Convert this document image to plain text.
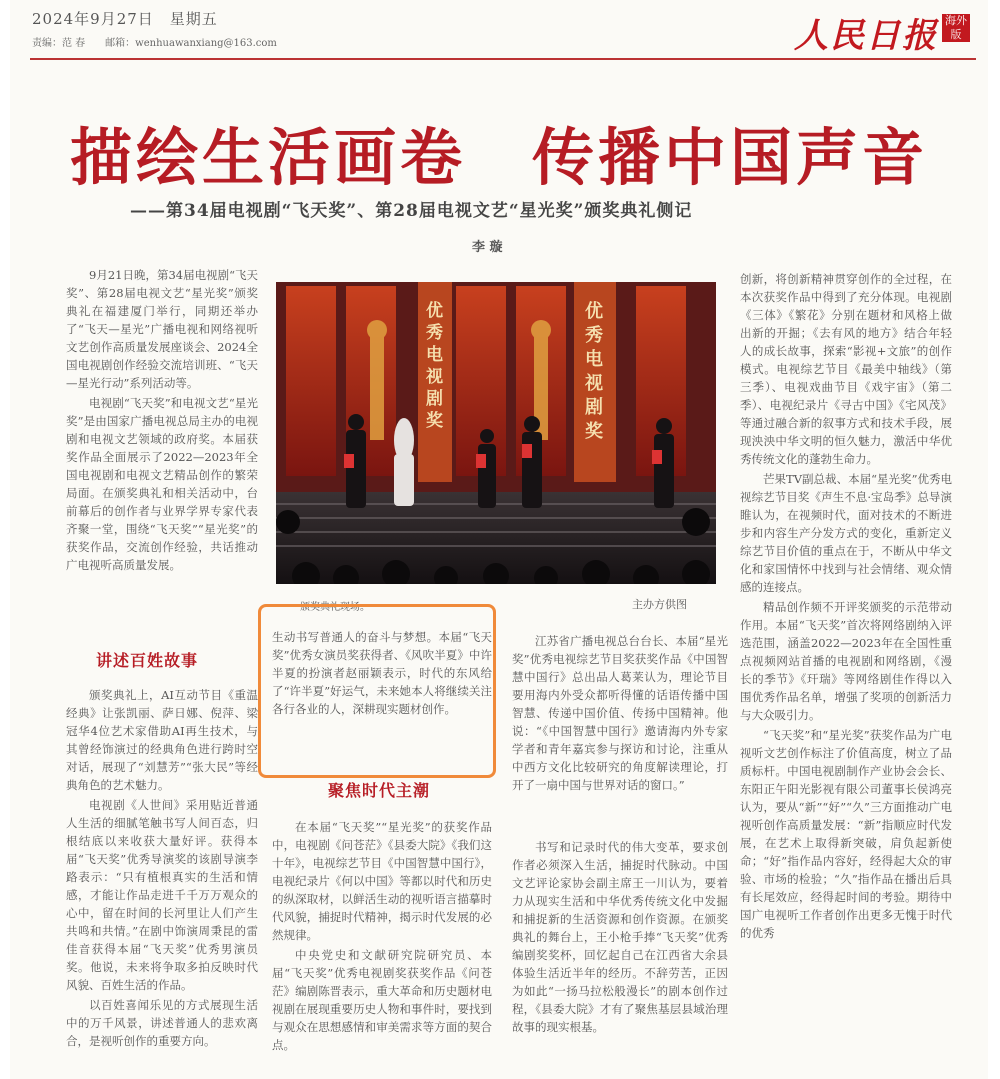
2024年9月27日　星期五
责编：范 春　　邮箱：wenhuawanxiang@163.com	人民日报 海外版
描绘生活画卷　传播中国声音
——第34届电视剧“飞天奖”、第28届电视文艺“星光奖”颁奖典礼侧记
李 璇

9月21日晚，第34届电视剧“飞天奖”、第28届电视文艺“星光奖”颁奖典礼在福建厦门举行，同期还举办了“飞天—星光”广播电视和网络视听文艺创作高质量发展座谈会、2024全国电视剧创作经验交流培训班、“飞天—星光行动”系列活动等。

电视剧“飞天奖”和电视文艺“星光奖”是由国家广播电视总局主办的电视剧和电视文艺领域的政府奖。本届获奖作品全面展示了2022—2023年全国电视剧和电视文艺精品创作的繁荣局面。在颁奖典礼和相关活动中，台前幕后的创作者与业界学界专家代表齐聚一堂，围绕“飞天奖”“星光奖”的获奖作品，交流创作经验，共话推动广电视听高质量发展。

讲述百姓故事

颁奖典礼上，AI互动节目《重温经典》让张凯丽、萨日娜、倪萍、梁冠华4位艺术家借助AI再生技术，与其曾经饰演过的经典角色进行跨时空对话，展现了“刘慧芳”“张大民”等经典角色的艺术魅力。

电视剧《人世间》采用贴近普通人生活的细腻笔触书写人间百态，归根结底以来收获大量好评。获得本届“飞天奖”优秀导演奖的该剧导演李路表示：“只有植根真实的生活和情感，才能让作品走进千千万万观众的心中，留在时间的长河里让人们产生共鸣和共情。”在剧中饰演周秉昆的雷佳音获得本届“飞天奖”优秀男演员奖。他说，未来将争取多拍反映时代风貌、百姓生活的作品。

以百姓喜闻乐见的方式展现生活中的万千风景，讲述普通人的悲欢离合，是视听创作的重要方向。

优秀电视剧奖
优秀电视剧奖
颁奖典礼现场。	主办方供图

生动书写普通人的奋斗与梦想。本届“飞天奖”优秀女演员奖获得者、《风吹半夏》中许半夏的扮演者赵丽颖表示，时代的东风给了“许半夏”好运气，未来她本人将继续关注各行各业的人，深耕现实题材创作。

聚焦时代主潮

在本届“飞天奖”“星光奖”的获奖作品中，电视剧《问苍茫》《县委大院》《我们这十年》，电视综艺节目《中国智慧中国行》，电视纪录片《何以中国》等都以时代和历史的纵深取材，以鲜活生动的视听语言描摹时代风貌，捕捉时代精神，揭示时代发展的必然规律。

中央党史和文献研究院研究员、本届“飞天奖”优秀电视剧奖获奖作品《问苍茫》编剧陈晋表示，重大革命和历史题材电视剧在展现重要历史人物和事件时，要找到与观众在思想感情和审美需求等方面的契合点。

江苏省广播电视总台台长、本届“星光奖”优秀电视综艺节目奖获奖作品《中国智慧中国行》总出品人葛莱认为，理论节目要用海内外受众都听得懂的话语传播中国智慧、传递中国价值、传扬中国精神。他说：“《中国智慧中国行》邀请海内外专家学者和青年嘉宾参与探访和讨论，注重从中西方文化比较研究的角度解读理论，打开了一扇中国与世界对话的窗口。”

书写和记录时代的伟大变革，要求创作者必须深入生活，捕捉时代脉动。中国文艺评论家协会副主席王一川认为，要着力从现实生活和中华优秀传统文化中发掘和捕捉新的生活资源和创作资源。在颁奖典礼的舞台上，王小枪手捧“飞天奖”优秀编剧奖奖杯，回忆起自己在江西省大余县体验生活近半年的经历。不辞劳苦，正因为如此“一扬马拉松般漫长”的剧本创作过程，《县委大院》才有了聚焦基层县域治理故事的现实根基。

创新，将创新精神贯穿创作的全过程，在本次获奖作品中得到了充分体现。电视剧《三体》《繁花》分别在题材和风格上做出新的开掘；《去有风的地方》结合年轻人的成长故事，探索“影视+文旅”的创作模式。电视综艺节目《最美中轴线》（第三季）、电视戏曲节目《戏宇宙》（第二季）、电视纪录片《寻古中国》《宅风茂》等通过融合新的叙事方式和技术手段，展现泱泱中华文明的恒久魅力，激活中华优秀传统文化的蓬勃生命力。

芒果TV副总裁、本届“星光奖”优秀电视综艺节目奖《声生不息·宝岛季》总导演睢认为，在视频时代，面对技术的不断进步和内容生产分发方式的变化，重新定义综艺节目价值的重点在于，不断从中华文化和家国情怀中找到与社会情绪、观众情感的连接点。

精品创作频不开评奖颁奖的示范带动作用。本届“飞天奖”首次将网络剧纳入评选范围，涵盖2022—2023年在全国性重点视频网站首播的电视剧和网络剧，《漫长的季节》《玕瑞》等网络剧佳作得以入围优秀作品名单，增强了奖项的创新活力与大众吸引力。

“飞天奖”和“星光奖”获奖作品为广电视听文艺创作标注了价值高度，树立了品质标杆。中国电视剧制作产业协会会长、东阳正午阳光影视有限公司董事长侯鸿亮认为，要从“新”“好”“久”三方面推动广电视听创作高质量发展：“新”指顺应时代发展，在艺术上取得新突破，肩负起新使命；“好”指作品内容好，经得起大众的审验、市场的检验；“久”指作品在播出后具有长尾效应，经得起时间的考验。期待中国广电视听工作者创作出更多无愧于时代的优秀
